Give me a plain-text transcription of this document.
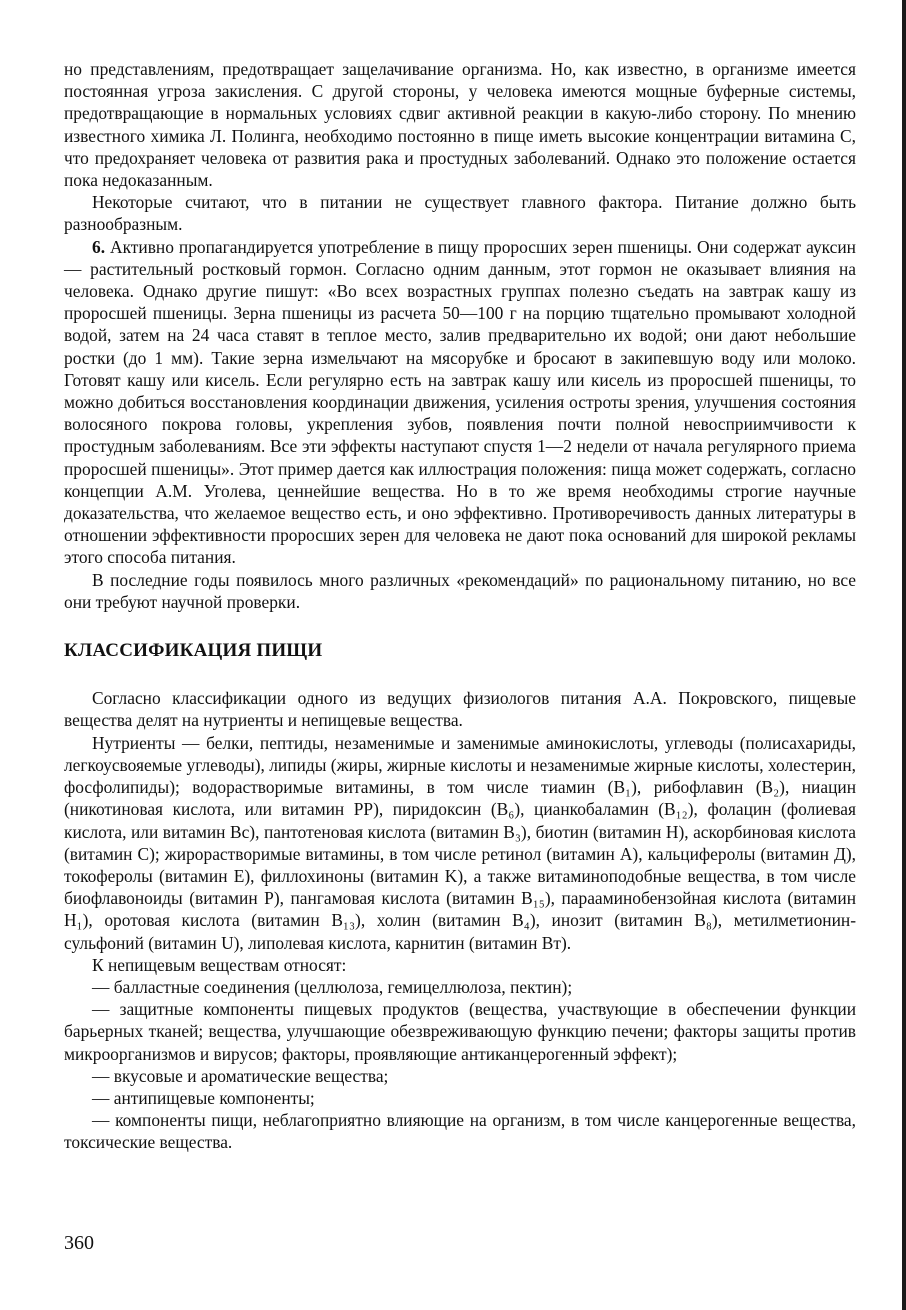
но представлениям, предотвращает защелачивание организма. Но, как известно, в организме имеется постоянная угроза закисления. С другой стороны, у человека имеются мощные буферные системы, предотвращающие в нормальных условиях сдвиг активной реакции в какую-либо сторону. По мнению известного химика Л. Полинга, необходимо постоянно в пище иметь высокие концентрации витамина С, что предохраняет человека от развития рака и простудных заболеваний. Однако это положение остается пока недоказанным.

Некоторые считают, что в питании не существует главного фактора. Питание должно быть разнообразным.

6. Активно пропагандируется употребление в пищу проросших зерен пшеницы. Они содержат ауксин — растительный ростковый гормон. Согласно одним данным, этот гормон не оказывает влияния на человека. Однако другие пишут: «Во всех возрастных группах полезно съедать на завтрак кашу из проросшей пшеницы. Зерна пшеницы из расчета 50—100 г на порцию тщательно промывают холодной водой, затем на 24 часа ставят в теплое место, залив предварительно их водой; они дают небольшие ростки (до 1 мм). Такие зерна измельчают на мясорубке и бросают в закипевшую воду или молоко. Готовят кашу или кисель. Если регулярно есть на завтрак кашу или кисель из проросшей пшеницы, то можно добиться восстановления координации движения, усиления остроты зрения, улучшения состояния волосяного покрова головы, укрепления зубов, появления почти полной невосприимчивости к простудным заболеваниям. Все эти эффекты наступают спустя 1—2 недели от начала регулярного приема проросшей пшеницы». Этот пример дается как иллюстрация положения: пища может содержать, согласно концепции А.М. Уголева, ценнейшие вещества. Но в то же время необходимы строгие научные доказательства, что желаемое вещество есть, и оно эффективно. Противоречивость данных литературы в отношении эффективности проросших зерен для человека не дают пока оснований для широкой рекламы этого способа питания.

В последние годы появилось много различных «рекомендаций» по рациональному питанию, но все они требуют научной проверки.

КЛАССИФИКАЦИЯ ПИЩИ

Согласно классификации одного из ведущих физиологов питания А.А. Покровского, пищевые вещества делят на нутриенты и непищевые вещества.

Нутриенты — белки, пептиды, незаменимые и заменимые аминокислоты, углеводы (полисахариды, легкоусвояемые углеводы), липиды (жиры, жирные кислоты и незаменимые жирные кислоты, холестерин, фосфолипиды); водорастворимые витамины, в том числе тиамин (B₁), рибофлавин (B₂), ниацин (никотиновая кислота, или витамин PP), пиридоксин (B₆), цианкобаламин (B₁₂), фолацин (фолиевая кислота, или витамин Bc), пантотеновая кислота (витамин B₃), биотин (витамин H), аскорбиновая кислота (витамин C); жирорастворимые витамины, в том числе ретинол (витамин A), кальциферолы (витамин Д), токоферолы (витамин E), филлохиноны (витамин K), а также витаминоподобные вещества, в том числе биофлавоноиды (витамин P), пангамовая кислота (витамин B₁₅), парааминобензойная кислота (витамин H₁), оротовая кислота (витамин B₁₃), холин (витамин B₄), инозит (витамин B₈), метилметионин-сульфоний (витамин U), липолевая кислота, карнитин (витамин Bт).

К непищевым веществам относят:

— балластные соединения (целлюлоза, гемицеллюлоза, пектин);

— защитные компоненты пищевых продуктов (вещества, участвующие в обеспечении функции барьерных тканей; вещества, улучшающие обезвреживающую функцию печени; факторы защиты против микроорганизмов и вирусов; факторы, проявляющие антиканцерогенный эффект);

— вкусовые и ароматические вещества;

— антипищевые компоненты;

— компоненты пищи, неблагоприятно влияющие на организм, в том числе канцерогенные вещества, токсические вещества.

360
